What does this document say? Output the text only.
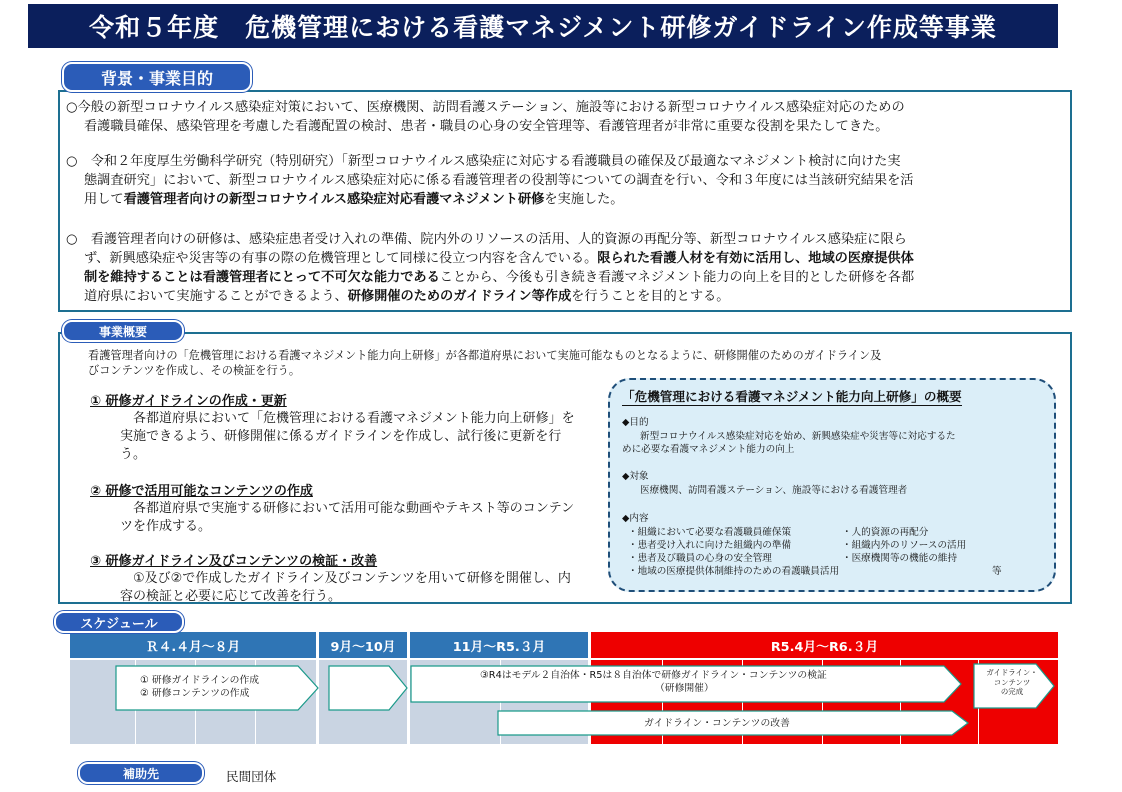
令和５年度　危機管理における看護マネジメント研修ガイドライン作成等事業
背景・事業目的
○今般の新型コロナウイルス感染症対策において、医療機関、訪問看護ステーション、施設等における新型コロナウイルス感染症対応のための
看護職員確保、感染管理を考慮した看護配置の検討、患者・職員の心身の安全管理等、看護管理者が非常に重要な役割を果たしてきた。
○　令和２年度厚生労働科学研究（特別研究）「新型コロナウイルス感染症に対応する看護職員の確保及び最適なマネジメント検討に向けた実
態調査研究」において、新型コロナウイルス感染症対応に係る看護管理者の役割等についての調査を行い、令和３年度には当該研究結果を活
用して看護管理者向けの新型コロナウイルス感染症対応看護マネジメント研修を実施した。
○　看護管理者向けの研修は、感染症患者受け入れの準備、院内外のリソースの活用、人的資源の再配分等、新型コロナウイルス感染症に限ら
ず、新興感染症や災害等の有事の際の危機管理として同様に役立つ内容を含んでいる。限られた看護人材を有効に活用し、地域の医療提供体
制を維持することは看護管理者にとって不可欠な能力であることから、今後も引き続き看護マネジメント能力の向上を目的とした研修を各都
道府県において実施することができるよう、研修開催のためのガイドライン等作成を行うことを目的とする。
事業概要
看護管理者向けの「危機管理における看護マネジメント能力向上研修」が各都道府県において実施可能なものとなるように、研修開催のためのガイドライン及
びコンテンツを作成し、その検証を行う。
① 研修ガイドラインの作成・更新
各都道府県において「危機管理における看護マネジメント能力向上研修」を実施できるよう、研修開催に係るガイドラインを作成し、試行後に更新を行う。
② 研修で活用可能なコンテンツの作成
各都道府県で実施する研修において活用可能な動画やテキスト等のコンテンツを作成する。
③ 研修ガイドライン及びコンテンツの検証・改善
①及び②で作成したガイドライン及びコンテンツを用いて研修を開催し、内容の検証と必要に応じて改善を行う。
「危機管理における看護マネジメント能力向上研修」の概要
◆目的
新型コロナウイルス感染症対応を始め、新興感染症や災害等に対応するた
めに必要な看護マネジメント能力の向上
◆対象
医療機関、訪問看護ステーション、施設等における看護管理者
◆内容
・組織において必要な看護職員確保策
・患者受け入れに向けた組織内の準備
・患者及び職員の心身の安全管理
・地域の医療提供体制維持のための看護職員活用
・人的資源の再配分
・組織内外のリソースの活用
・医療機関等の機能の維持
等
スケジュール
Ｒ４.４月～８月	9月～10月	11月～R5.３月	R5.4月～R6.３月
① 研修ガイドラインの作成
② 研修コンテンツの作成
③R4はモデル２自治体・R5は８自治体で研修ガイドライン・コンテンツの検証
（研修開催）
ガイドライン・コンテンツの改善
ガイドライン・
コンテンツ
の完成
補助先	民間団体
